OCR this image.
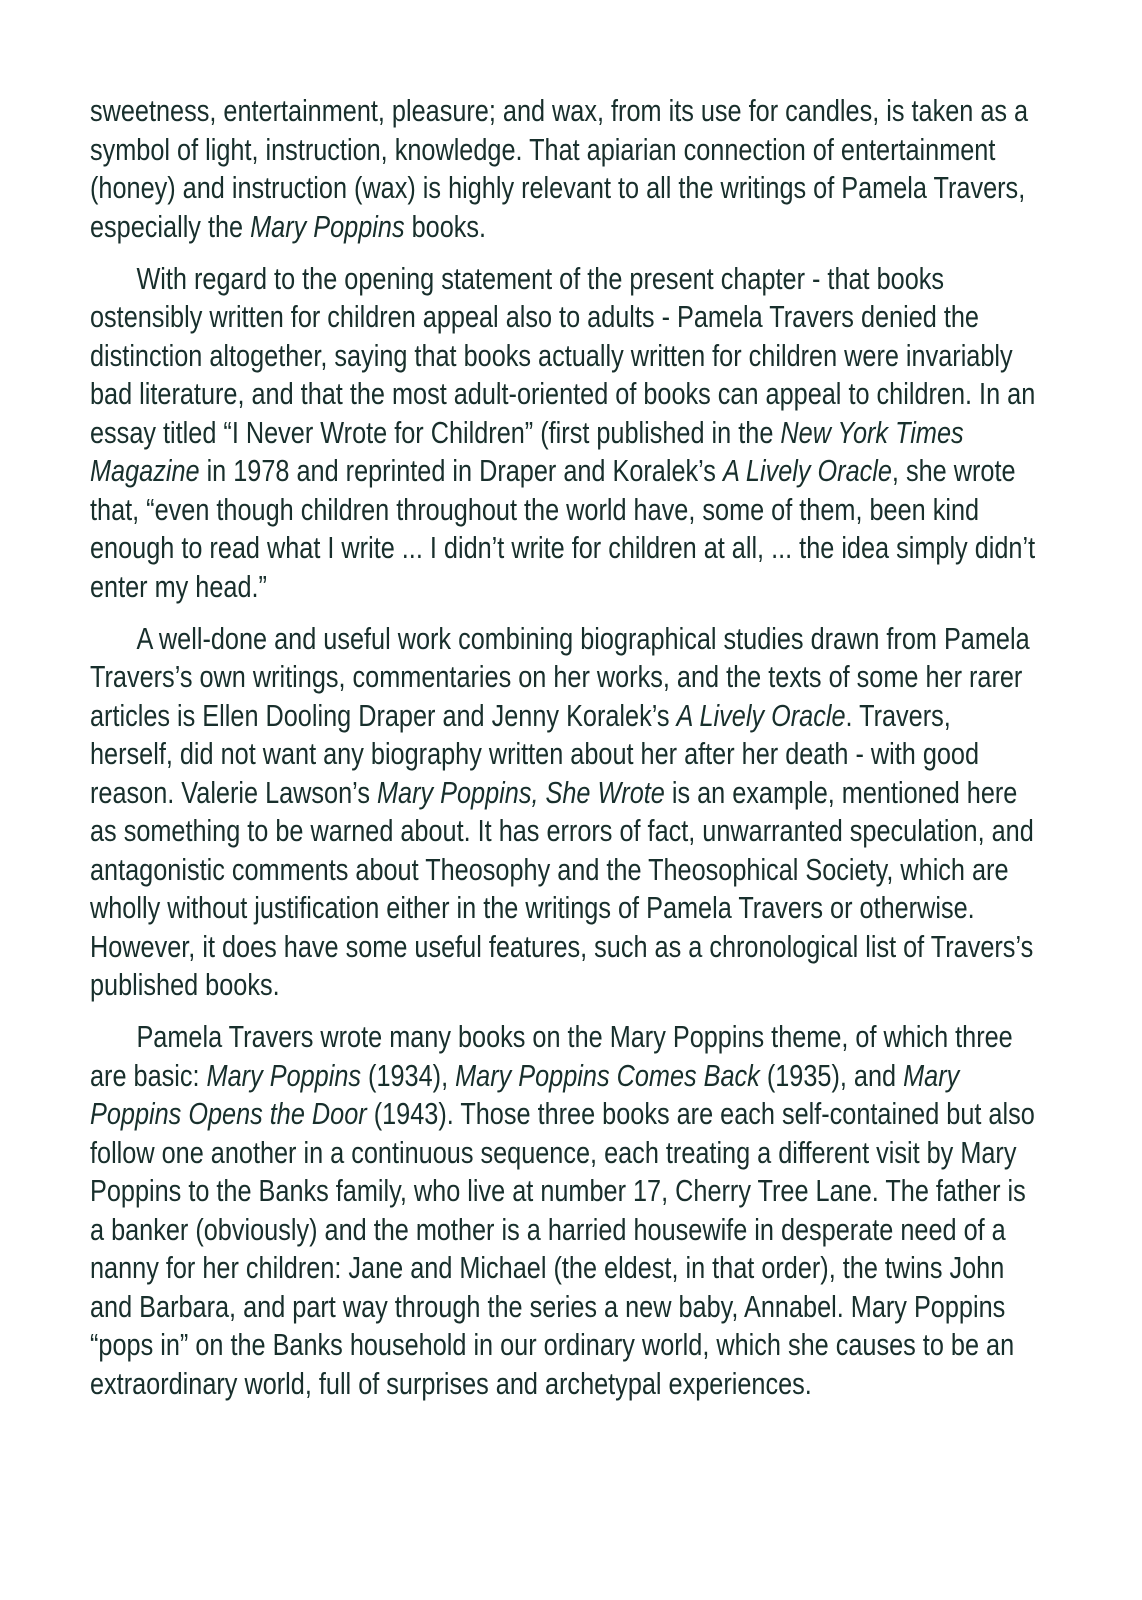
sweetness, entertainment, pleasure; and wax, from its use for candles, is taken as a symbol of light, instruction, knowledge. That apiarian connection of entertainment (honey) and instruction (wax) is highly relevant to all the writings of Pamela Travers, especially the Mary Poppins books.

With regard to the opening statement of the present chapter - that books ostensibly written for children appeal also to adults - Pamela Travers denied the distinction altogether, saying that books actually written for children were invariably bad literature, and that the most adult-oriented of books can appeal to children. In an essay titled “I Never Wrote for Children” (first published in the New York Times Magazine in 1978 and reprinted in Draper and Koralek’s A Lively Oracle, she wrote that, “even though children throughout the world have, some of them, been kind enough to read what I write ... I didn’t write for children at all, ... the idea simply didn’t enter my head.”

A well-done and useful work combining biographical studies drawn from Pamela Travers’s own writings, commentaries on her works, and the texts of some her rarer articles is Ellen Dooling Draper and Jenny Koralek’s A Lively Oracle. Travers, herself, did not want any biography written about her after her death - with good reason. Valerie Lawson’s Mary Poppins, She Wrote is an example, mentioned here as something to be warned about. It has errors of fact, unwarranted speculation, and antagonistic comments about Theosophy and the Theosophical Society, which are wholly without justification either in the writings of Pamela Travers or otherwise. However, it does have some useful features, such as a chronological list of Travers’s published books.

Pamela Travers wrote many books on the Mary Poppins theme, of which three are basic: Mary Poppins (1934), Mary Poppins Comes Back (1935), and Mary Poppins Opens the Door (1943). Those three books are each self-contained but also follow one another in a continuous sequence, each treating a different visit by Mary Poppins to the Banks family, who live at number 17, Cherry Tree Lane. The father is a banker (obviously) and the mother is a harried housewife in desperate need of a nanny for her children: Jane and Michael (the eldest, in that order), the twins John and Barbara, and part way through the series a new baby, Annabel. Mary Poppins “pops in” on the Banks household in our ordinary world, which she causes to be an extraordinary world, full of surprises and archetypal experiences.
